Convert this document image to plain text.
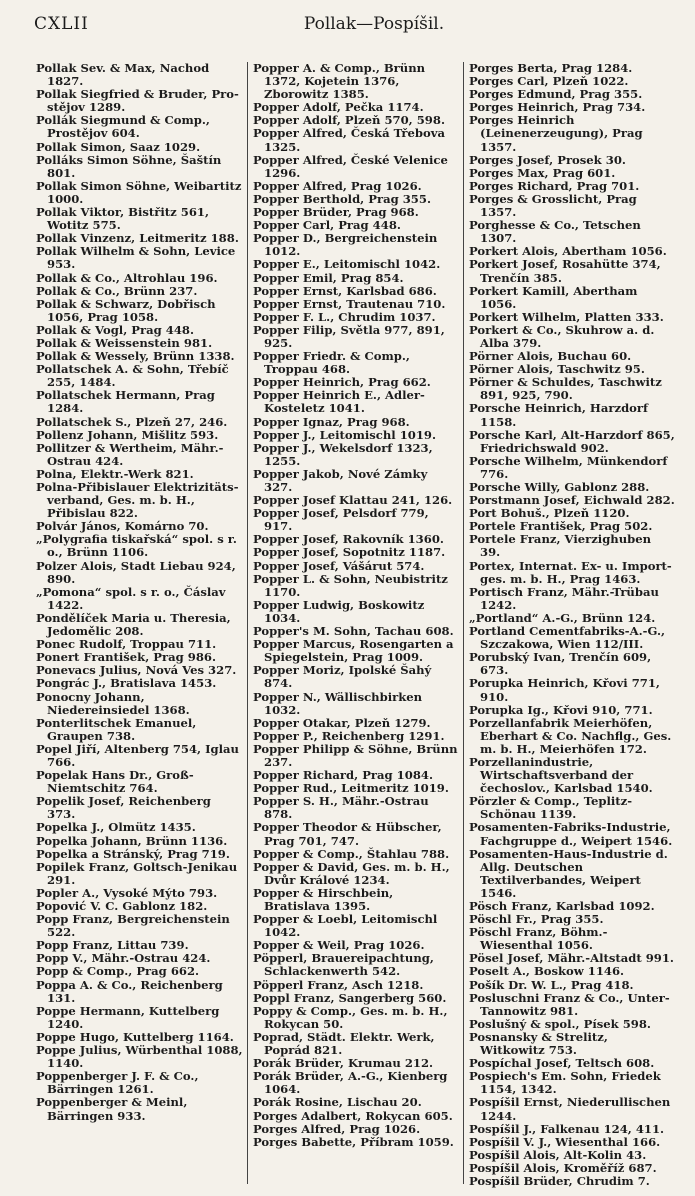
CXLII	Pollak—Pospíšil.
Pollak Sev. & Max, Nachod 1827.
Pollak Siegfried & Bruder, Pro-stějov 1289.
Pollák Siegmund & Comp., Prostějov 604.
Pollak Simon, Saaz 1029.
Polláks Simon Söhne, Šaštín 801.
Pollak Simon Söhne, Weibartitz 1000.
Pollak Viktor, Bistřitz 561, Wotitz 575.
Pollak Vinzenz, Leitmeritz 188.
Pollak Wilhelm & Sohn, Levice 953.
Pollak & Co., Altrohlau 196.
Pollak & Co., Brünn 237.
Pollak & Schwarz, Dobřisch 1056, Prag 1058.
Pollak & Vogl, Prag 448.
Pollak & Weissenstein 981.
Pollak & Wessely, Brünn 1338.
Pollatschek A. & Sohn, Třebíč 255, 1484.
Pollatschek Hermann, Prag 1284.
Pollatschek S., Plzeň 27, 246.
Pollenz Johann, Mišlitz 593.
Pollitzer & Wertheim, Mähr.-Ostrau 424.
Polna, Elektr.-Werk 821.
Polna-Přibislauer Elektrizitäts-verband, Ges. m. b. H., Přibislau 822.
Polvár János, Komárno 70.
„Polygrafia tiskařská“ spol. s r. o., Brünn 1106.
Polzer Alois, Stadt Liebau 924, 890.
„Pomona“ spol. s r. o., Čáslav 1422.
Pondělíček Maria u. Theresia, Jedomělic 208.
Ponec Rudolf, Troppau 711.
Ponert František, Prag 986.
Ponevacs Julius, Nová Ves 327.
Pongrác J., Bratislava 1453.
Ponocny Johann, Niedereinsiedel 1368.
Ponterlitschek Emanuel, Graupen 738.
Popel Jiří, Altenberg 754, Iglau 766.
Popelak Hans Dr., Groß-Niemtschitz 764.
Popelik Josef, Reichenberg 373.
Popelka J., Olmütz 1435.
Popelka Johann, Brünn 1136.
Popelka a Stránský, Prag 719.
Popilek Franz, Goltsch-Jenikau 291.
Popler A., Vysoké Mýto 793.
Popović V. C. Gablonz 182.
Popp Franz, Bergreichenstein 522.
Popp Franz, Littau 739.
Popp V., Mähr.-Ostrau 424.
Popp & Comp., Prag 662.
Poppa A. & Co., Reichenberg 131.
Poppe Hermann, Kuttelberg 1240.
Poppe Hugo, Kuttelberg 1164.
Poppe Julius, Würbenthal 1088, 1140.
Poppenberger J. F. & Co., Bärringen 1261.
Poppenberger & Meinl, Bärringen 933.
Popper A. & Comp., Brünn 1372, Kojetein 1376, Zborowitz 1385.
Popper Adolf, Pečka 1174.
Popper Adolf, Plzeň 570, 598.
Popper Alfred, Česká Třebova 1325.
Popper Alfred, České Velenice 1296.
Popper Alfred, Prag 1026.
Popper Berthold, Prag 355.
Popper Brüder, Prag 968.
Popper Carl, Prag 448.
Popper D., Bergreichenstein 1012.
Popper E., Leitomischl 1042.
Popper Emil, Prag 854.
Popper Ernst, Karlsbad 686.
Popper Ernst, Trautenau 710.
Popper F. L., Chrudim 1037.
Popper Filip, Světla 977, 891, 925.
Popper Friedr. & Comp., Troppau 468.
Popper Heinrich, Prag 662.
Popper Heinrich E., Adler-Kosteletz 1041.
Popper Ignaz, Prag 968.
Popper J., Leitomischl 1019.
Popper J., Wekelsdorf 1323, 1255.
Popper Jakob, Nové Zámky 327.
Popper Josef Klattau 241, 126.
Popper Josef, Pelsdorf 779, 917.
Popper Josef, Rakovník 1360.
Popper Josef, Sopotnitz 1187.
Popper Josef, Vášárut 574.
Popper L. & Sohn, Neubistritz 1170.
Popper Ludwig, Boskowitz 1034.
Popper's M. Sohn, Tachau 608.
Popper Marcus, Rosengarten a Spiegelstein, Prag 1009.
Popper Moriz, Ipolské Šahý 874.
Popper N., Wällischbirken 1032.
Popper Otakar, Plzeň 1279.
Popper P., Reichenberg 1291.
Popper Philipp & Söhne, Brünn 237.
Popper Richard, Prag 1084.
Popper Rud., Leitmeritz 1019.
Popper S. H., Mähr.-Ostrau 878.
Popper Theodor & Hübscher, Prag 701, 747.
Popper & Comp., Štahlau 788.
Popper & David, Ges. m. b. H., Dvůr Králové 1234.
Popper & Hirschbein, Bratislava 1395.
Popper & Loebl, Leitomischl 1042.
Popper & Weil, Prag 1026.
Pöpperl, Brauereipachtung, Schlackenwerth 542.
Pöpperl Franz, Asch 1218.
Poppl Franz, Sangerberg 560.
Poppy & Comp., Ges. m. b. H., Rokycan 50.
Poprad, Städt. Elektr. Werk, Poprád 821.
Porák Brüder, Krumau 212.
Porák Brüder, A.-G., Kienberg 1064.
Porák Rosine, Lischau 20.
Porges Adalbert, Rokycan 605.
Porges Alfred, Prag 1026.
Porges Babette, Příbram 1059.
Porges Berta, Prag 1284.
Porges Carl, Plzeň 1022.
Porges Edmund, Prag 355.
Porges Heinrich, Prag 734.
Porges Heinrich (Leinenerzeugung), Prag 1357.
Porges Josef, Prosek 30.
Porges Max, Prag 601.
Porges Richard, Prag 701.
Porges & Grosslicht, Prag 1357.
Porghesse & Co., Tetschen 1307.
Porkert Alois, Abertham 1056.
Porkert Josef, Rosahütte 374, Trenčín 385.
Porkert Kamill, Abertham 1056.
Porkert Wilhelm, Platten 333.
Porkert & Co., Skuhrow a. d. Alba 379.
Pörner Alois, Buchau 60.
Pörner Alois, Taschwitz 95.
Pörner & Schuldes, Taschwitz 891, 925, 790.
Porsche Heinrich, Harzdorf 1158.
Porsche Karl, Alt-Harzdorf 865, Friedrichswald 902.
Porsche Wilhelm, Münkendorf 776.
Porsche Willy, Gablonz 288.
Porstmann Josef, Eichwald 282.
Port Bohuš., Plzeň 1120.
Portele František, Prag 502.
Portele Franz, Vierzighuben 39.
Portex, Internat. Ex- u. Import-ges. m. b. H., Prag 1463.
Portisch Franz, Mähr.-Trübau 1242.
„Portland“ A.-G., Brünn 124.
Portland Cementfabriks-A.-G., Szczakowa, Wien 112/III.
Porubský Ivan, Trenčín 609, 673.
Porupka Heinrich, Křovi 771, 910.
Porupka Ig., Křovi 910, 771.
Porzellanfabrik Meierhöfen, Eberhart & Co. Nachflg., Ges. m. b. H., Meierhöfen 172.
Porzellanindustrie, Wirtschaftsverband der čechoslov., Karlsbad 1540.
Pörzler & Comp., Teplitz-Schönau 1139.
Posamenten-Fabriks-Industrie, Fachgruppe d., Weipert 1546.
Posamenten-Haus-Industrie d. Allg. Deutschen Textilverbandes, Weipert 1546.
Pösch Franz, Karlsbad 1092.
Pöschl Fr., Prag 355.
Pöschl Franz, Böhm.-Wiesenthal 1056.
Pösel Josef, Mähr.-Altstadt 991.
Poselt A., Boskow 1146.
Pošík Dr. W. L., Prag 418.
Posluschni Franz & Co., Unter-Tannowitz 981.
Poslušný & spol., Písek 598.
Posnansky & Strelitz, Witkowitz 753.
Pospíchal Josef, Teltsch 608.
Pospiech's Em. Sohn, Friedek 1154, 1342.
Pospíšil Ernst, Niederullischen 1244.
Pospíšil J., Falkenau 124, 411.
Pospíšil V. J., Wiesenthal 166.
Pospíšil Alois, Alt-Kolin 43.
Pospíšil Alois, Kroměříž 687.
Pospíšil Brüder, Chrudim 7.
